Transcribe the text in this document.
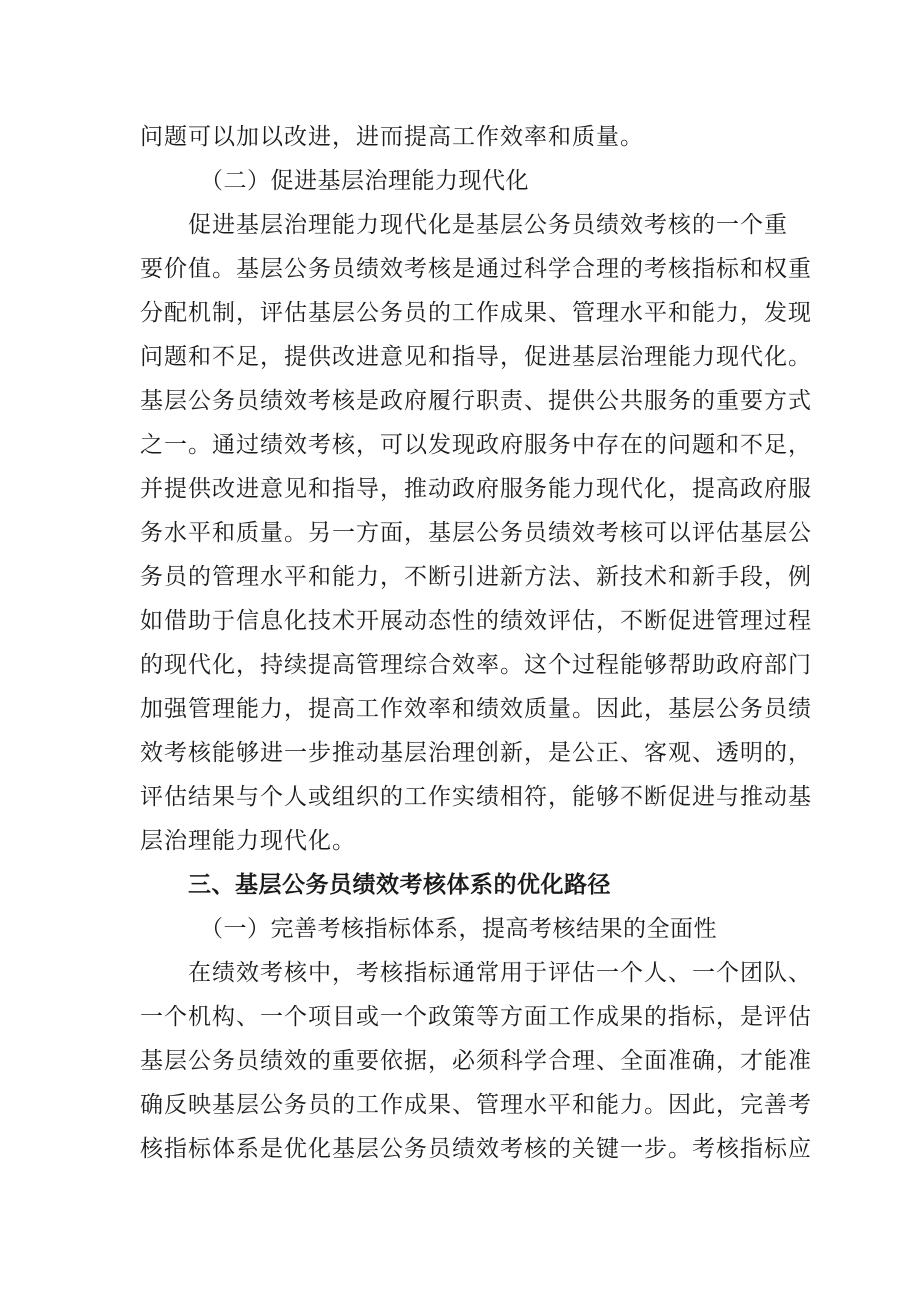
问题可以加以改进，进而提高工作效率和质量。
（二）促进基层治理能力现代化
促进基层治理能力现代化是基层公务员绩效考核的一个重
要价值。基层公务员绩效考核是通过科学合理的考核指标和权重
分配机制，评估基层公务员的工作成果、管理水平和能力，发现
问题和不足，提供改进意见和指导，促进基层治理能力现代化。
基层公务员绩效考核是政府履行职责、提供公共服务的重要方式
之一。通过绩效考核，可以发现政府服务中存在的问题和不足，
并提供改进意见和指导，推动政府服务能力现代化，提高政府服
务水平和质量。另一方面，基层公务员绩效考核可以评估基层公
务员的管理水平和能力，不断引进新方法、新技术和新手段，例
如借助于信息化技术开展动态性的绩效评估，不断促进管理过程
的现代化，持续提高管理综合效率。这个过程能够帮助政府部门
加强管理能力，提高工作效率和绩效质量。因此，基层公务员绩
效考核能够进一步推动基层治理创新，是公正、客观、透明的，
评估结果与个人或组织的工作实绩相符，能够不断促进与推动基
层治理能力现代化。
三、基层公务员绩效考核体系的优化路径
（一）完善考核指标体系，提高考核结果的全面性
在绩效考核中，考核指标通常用于评估一个人、一个团队、
一个机构、一个项目或一个政策等方面工作成果的指标，是评估
基层公务员绩效的重要依据，必须科学合理、全面准确，才能准
确反映基层公务员的工作成果、管理水平和能力。因此，完善考
核指标体系是优化基层公务员绩效考核的关键一步。考核指标应
